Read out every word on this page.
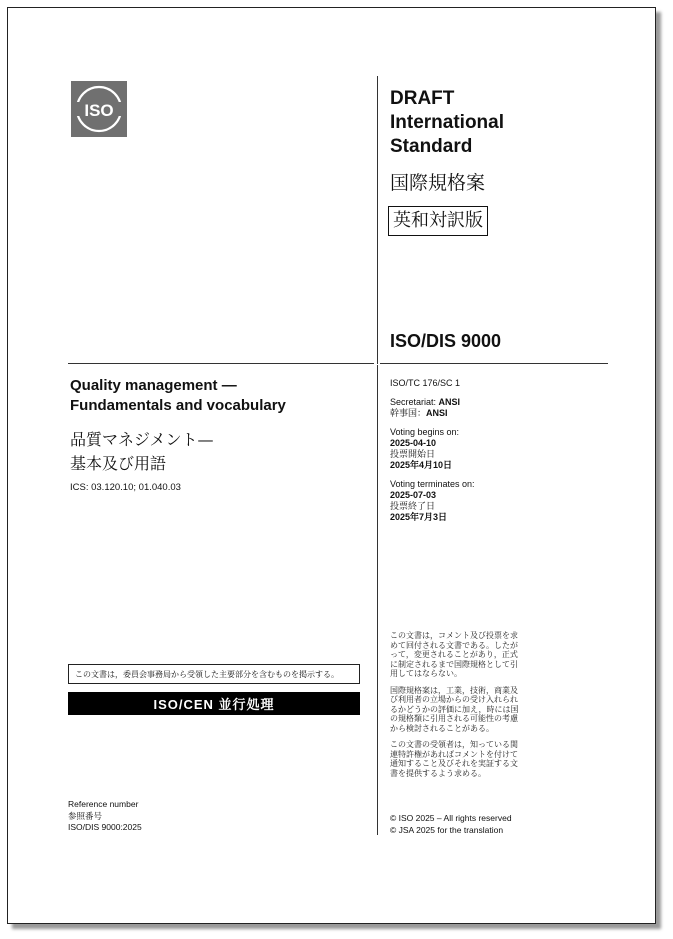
ISO
DRAFT
International
Standard
国際規格案
英和対訳版
ISO/DIS 9000
Quality management —
Fundamentals and vocabulary
品質マネジメント—
基本及び用語
ICS: 03.120.10; 01.040.03
ISO/TC 176/SC 1
Secretariat: ANSI
幹事国：ANSI
Voting begins on:
2025-04-10
投票開始日
2025年4月10日
Voting terminates on:
2025-07-03
投票終了日
2025年7月3日

この文書は，コメント及び投票を求めて回付される文書である。したがって，変更されることがあり，正式に制定されるまで国際規格として引用してはならない。

国際規格案は，工業，技術，商業及び利用者の立場からの受け入れられるかどうかの評価に加え，時には国の規格類に引用される可能性の考慮から検討されることがある。

この文書の受領者は，知っている関連特許権があればコメントを付けて通知すること及びそれを実証する文書を提供するよう求める。

© ISO 2025 – All rights reserved
© JSA 2025 for the translation
この文書は，委員会事務局から受領した主要部分を含むものを掲示する。
ISO/CEN 並行処理
Reference number
参照番号
ISO/DIS 9000:2025
